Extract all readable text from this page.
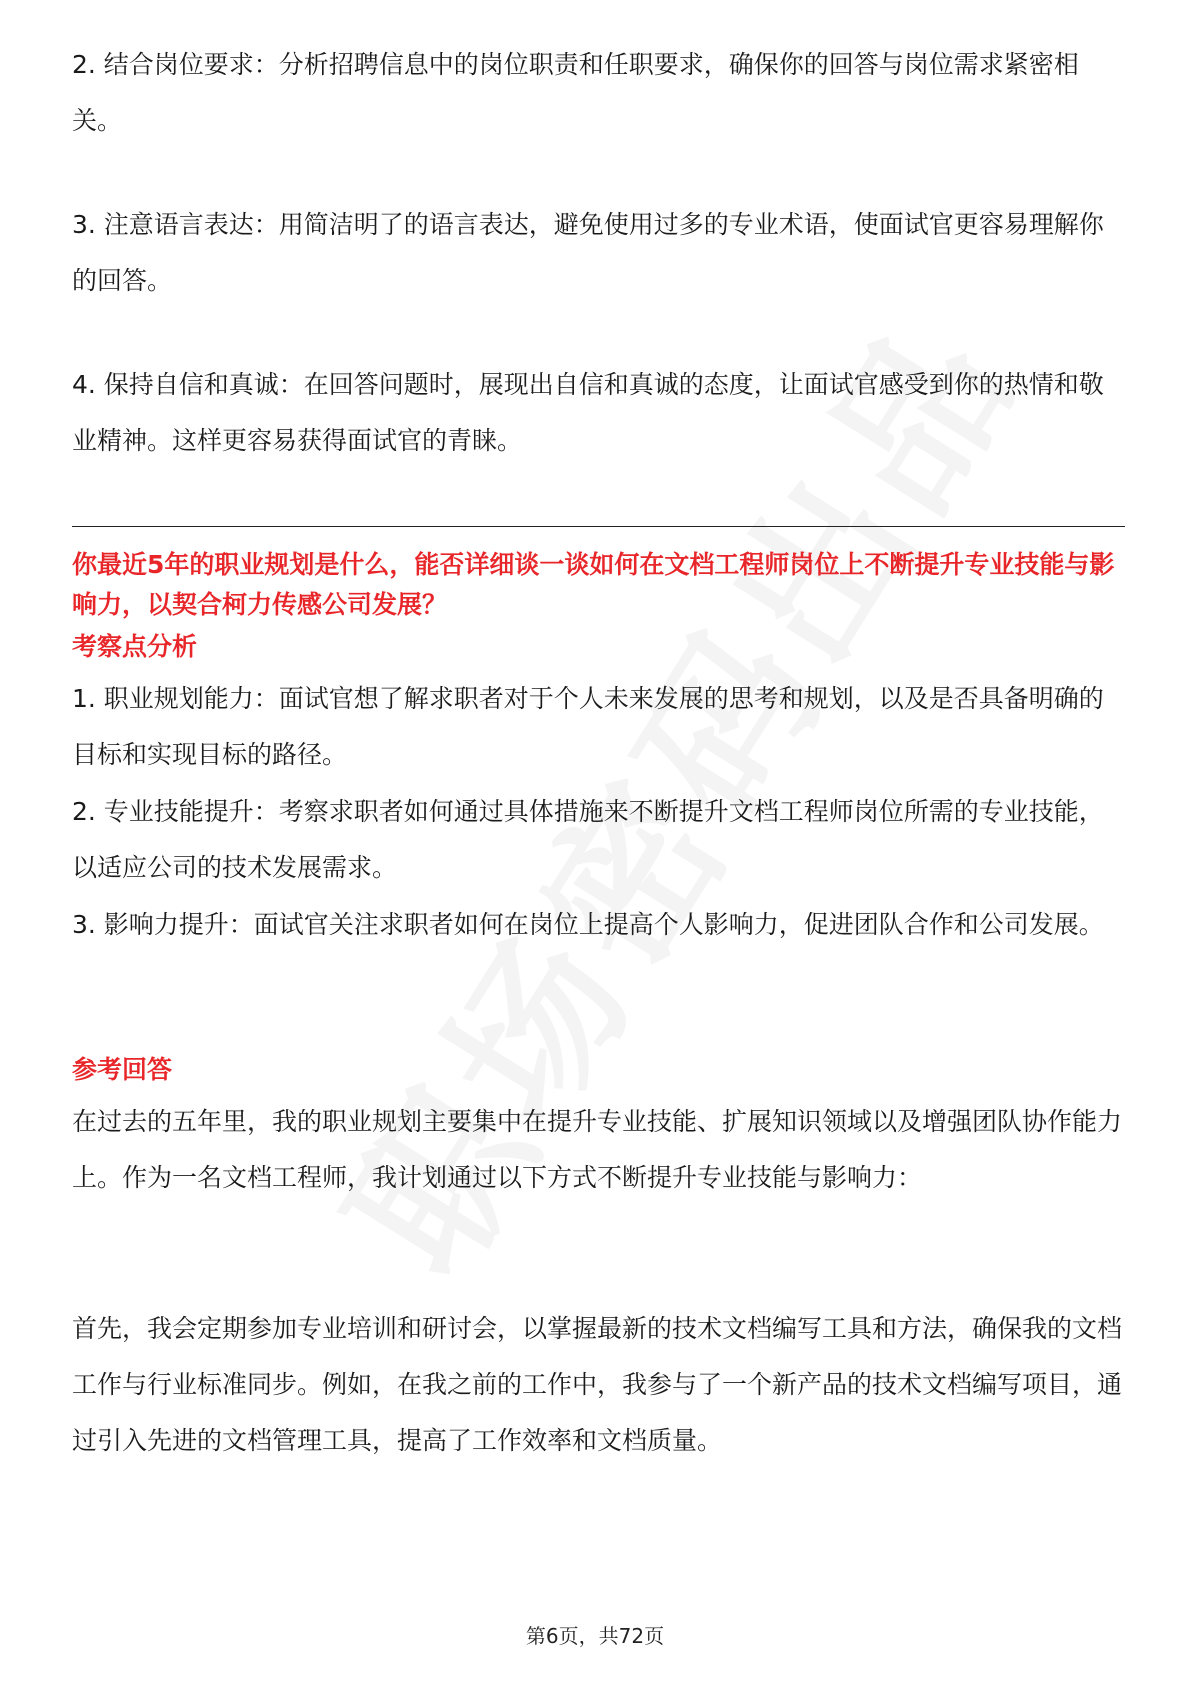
2. 结合岗位要求：分析招聘信息中的岗位职责和任职要求，确保你的回答与岗位需求紧密相关。

3. 注意语言表达：用简洁明了的语言表达，避免使用过多的专业术语，使面试官更容易理解你的回答。

4. 保持自信和真诚：在回答问题时，展现出自信和真诚的态度，让面试官感受到你的热情和敬业精神。这样更容易获得面试官的青睐。

你最近5年的职业规划是什么，能否详细谈一谈如何在文档工程师岗位上不断提升专业技能与影响力，以契合柯力传感公司发展？

考察点分析

1. 职业规划能力：面试官想了解求职者对于个人未来发展的思考和规划，以及是否具备明确的目标和实现目标的路径。

2. 专业技能提升：考察求职者如何通过具体措施来不断提升文档工程师岗位所需的专业技能，以适应公司的技术发展需求。

3. 影响力提升：面试官关注求职者如何在岗位上提高个人影响力，促进团队合作和公司发展。

参考回答

在过去的五年里，我的职业规划主要集中在提升专业技能、扩展知识领域以及增强团队协作能力上。作为一名文档工程师，我计划通过以下方式不断提升专业技能与影响力：

首先，我会定期参加专业培训和研讨会，以掌握最新的技术文档编写工具和方法，确保我的文档工作与行业标准同步。例如，在我之前的工作中，我参与了一个新产品的技术文档编写项目，通过引入先进的文档管理工具，提高了工作效率和文档质量。

第6页，共72页
